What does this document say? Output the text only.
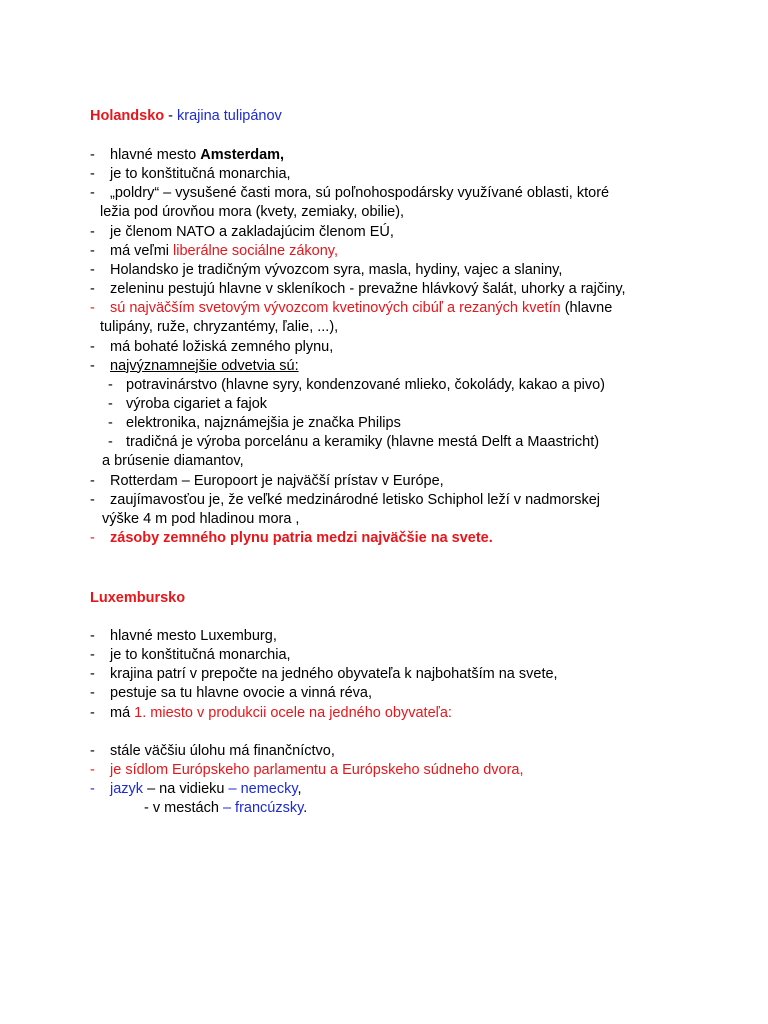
Holandsko - krajina tulipánov
- hlavné mesto Amsterdam,
- je to konštitučná monarchia,
- „poldry“ – vysušené časti mora, sú poľnohospodársky využívané oblasti, ktoré
ležia pod úrovňou mora (kvety, zemiaky, obilie),
- je členom NATO a zakladajúcim členom EÚ,
- má veľmi liberálne sociálne zákony,
- Holandsko je tradičným vývozcom syra, masla, hydiny, vajec a slaniny,
- zeleninu pestujú hlavne v skleníkoch - prevažne hlávkový šalát, uhorky a rajčiny,
- sú najväčším svetovým vývozcom kvetinových cibúľ a rezaných kvetín (hlavne
tulipány, ruže, chryzantémy, ľalie, ...),
- má bohaté ložiská zemného plynu,
- najvýznamnejšie odvetvia sú:
- potravinárstvo (hlavne syry, kondenzované mlieko, čokolády, kakao a pivo)
- výroba cigariet a fajok
- elektronika, najznámejšia je značka Philips
- tradičná je výroba porcelánu a keramiky (hlavne mestá Delft a Maastricht)
a brúsenie diamantov,
- Rotterdam – Europoort je najväčší prístav v Európe,
- zaujímavosťou je, že veľké medzinárodné letisko Schiphol leží v nadmorskej
výške 4 m pod hladinou mora ,
- zásoby zemného plynu patria medzi najväčšie na svete.
Luxembursko
- hlavné mesto Luxemburg,
- je to konštitučná monarchia,
- krajina patrí v prepočte na jedného obyvateľa k najbohatším na svete,
- pestuje sa tu hlavne ovocie a vinná réva,
- má 1. miesto v produkcii ocele na jedného obyvateľa:
- stále väčšiu úlohu má finančníctvo,
- je sídlom Európskeho parlamentu a Európskeho súdneho dvora,
- jazyk – na vidieku – nemecky,
- v mestách – francúzsky.
